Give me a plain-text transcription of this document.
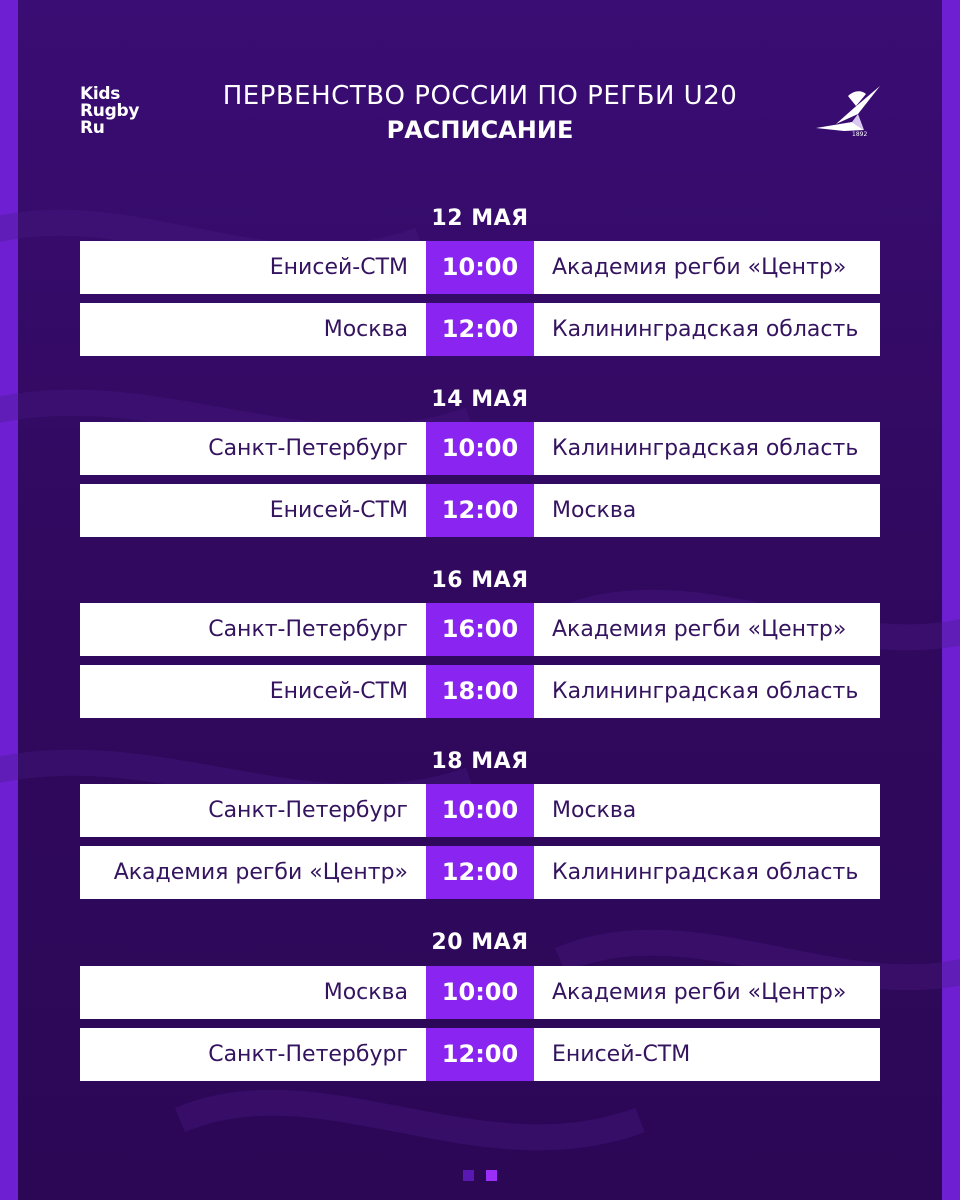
Kids
Rugby
Ru
ПЕРВЕНСТВО РОССИИ ПО РЕГБИ U20
РАСПИСАНИЕ	1892
12 МАЯ
Енисей-СТМ	10:00	Академия регби «Центр»
Москва	12:00	Калининградская область
14 МАЯ
Санкт-Петербург	10:00	Калининградская область
Енисей-СТМ	12:00	Москва
16 МАЯ
Санкт-Петербург	16:00	Академия регби «Центр»
Енисей-СТМ	18:00	Калининградская область
18 МАЯ
Санкт-Петербург	10:00	Москва
Академия регби «Центр»	12:00	Калининградская область
20 МАЯ
Москва	10:00	Академия регби «Центр»
Санкт-Петербург	12:00	Енисей-СТМ
